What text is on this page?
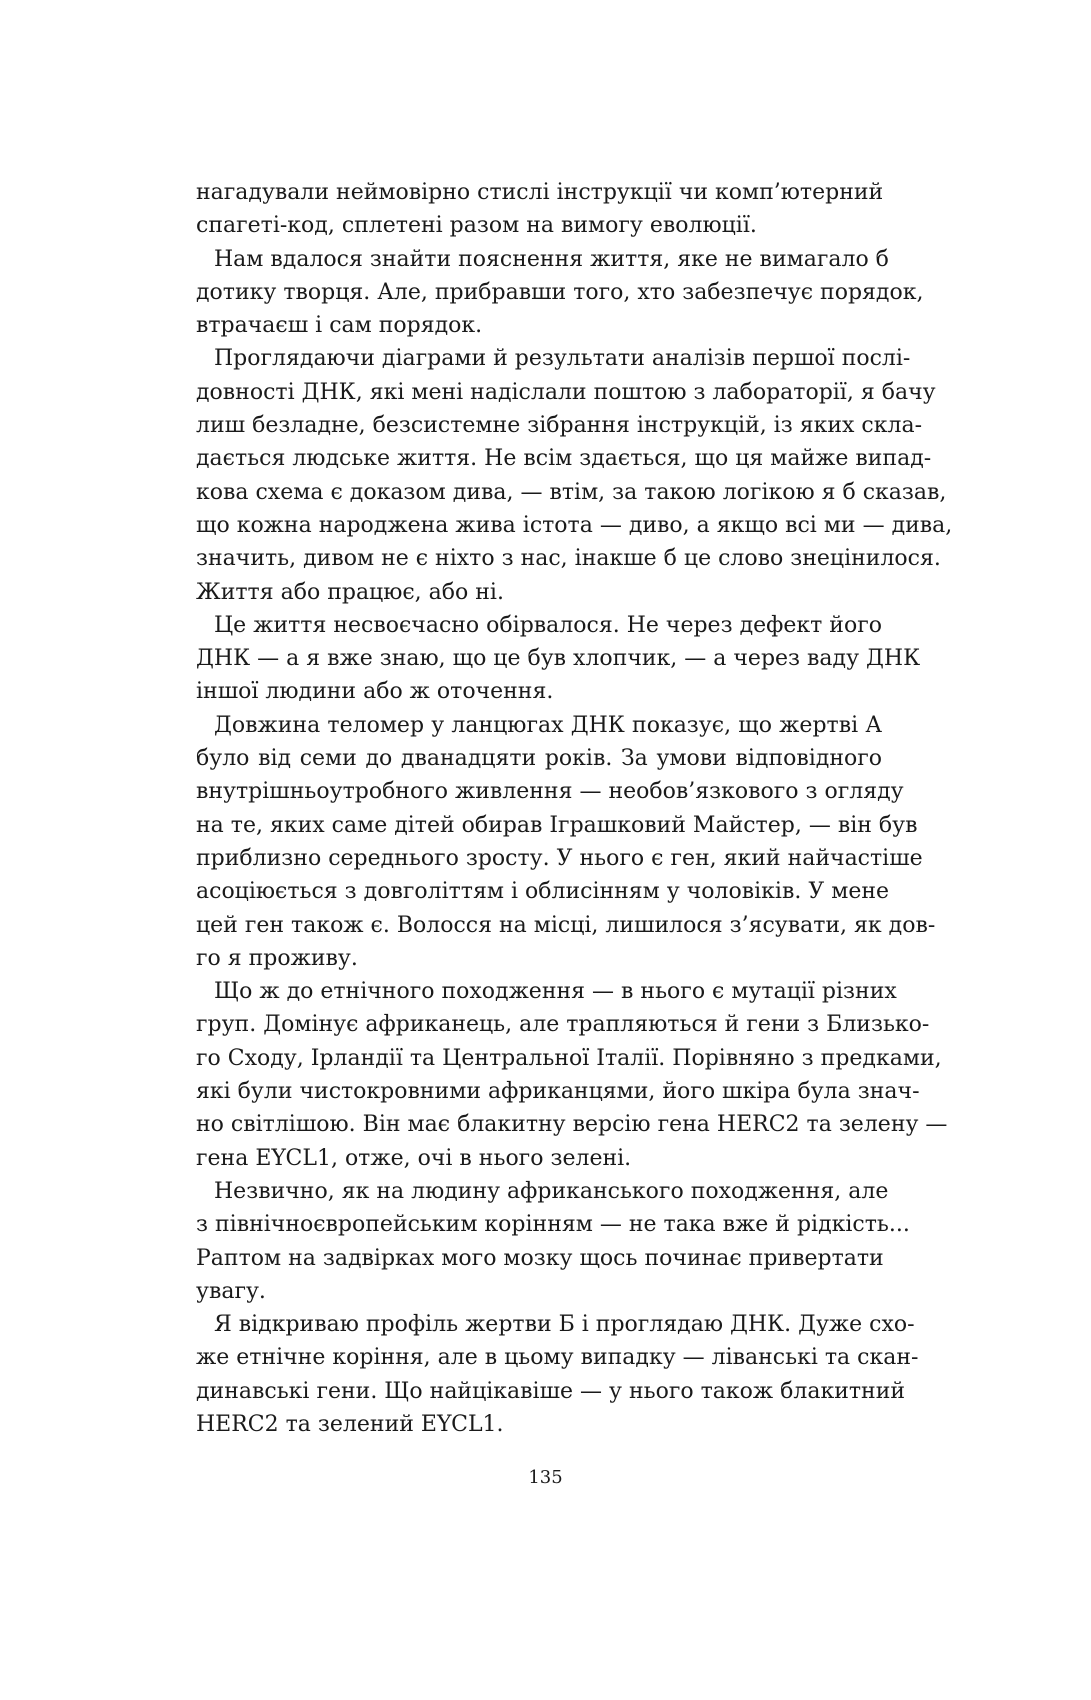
нагадували неймовірно стислі інструкції чи комп’ютерний
спагеті-код, сплетені разом на вимогу еволюції.
Нам вдалося знайти пояснення життя, яке не вимагало б
дотику творця. Але, прибравши того, хто забезпечує порядок,
втрачаєш і сам порядок.
Проглядаючи діаграми й результати аналізів першої послі-
довності ДНК, які мені надіслали поштою з лабораторії, я бачу
лиш безладне, безсистемне зібрання інструкцій, із яких скла-
дається людське життя. Не всім здається, що ця майже випад-
кова схема є доказом дива, — втім, за такою логікою я б сказав,
що кожна народжена жива істота — диво, а якщо всі ми — дива,
значить, дивом не є ніхто з нас, інакше б це слово знецінилося.
Життя або працює, або ні.
Це життя несвоєчасно обірвалося. Не через дефект його
ДНК — а я вже знаю, що це був хлопчик, — а через ваду ДНК
іншої людини або ж оточення.
Довжина теломер у ланцюгах ДНК показує, що жертві А
було від семи до дванадцяти років. За умови відповідного
внутрішньоутробного живлення — необов’язкового з огляду
на те, яких саме дітей обирав Іграшковий Майстер, — він був
приблизно середнього зросту. У нього є ген, який найчастіше
асоціюється з довголіттям і облисінням у чоловіків. У мене
цей ген також є. Волосся на місці, лишилося з’ясувати, як дов-
го я проживу.
Що ж до етнічного походження — в нього є мутації різних
груп. Домінує африканець, але трапляються й гени з Близько-
го Сходу, Ірландії та Центральної Італії. Порівняно з предками,
які були чистокровними африканцями, його шкіра була знач-
но світлішою. Він має блакитну версію гена HERC2 та зелену —
гена EYCL1, отже, очі в нього зелені.
Незвично, як на людину африканського походження, але
з північноєвропейським корінням — не така вже й рідкість...
Раптом на задвірках мого мозку щось починає привертати
увагу.
Я відкриваю профіль жертви Б і проглядаю ДНК. Дуже схо-
же етнічне коріння, але в цьому випадку — ліванські та скан-
динавські гени. Що найцікавіше — у нього також блакитний
HERC2 та зелений EYCL1.
135
